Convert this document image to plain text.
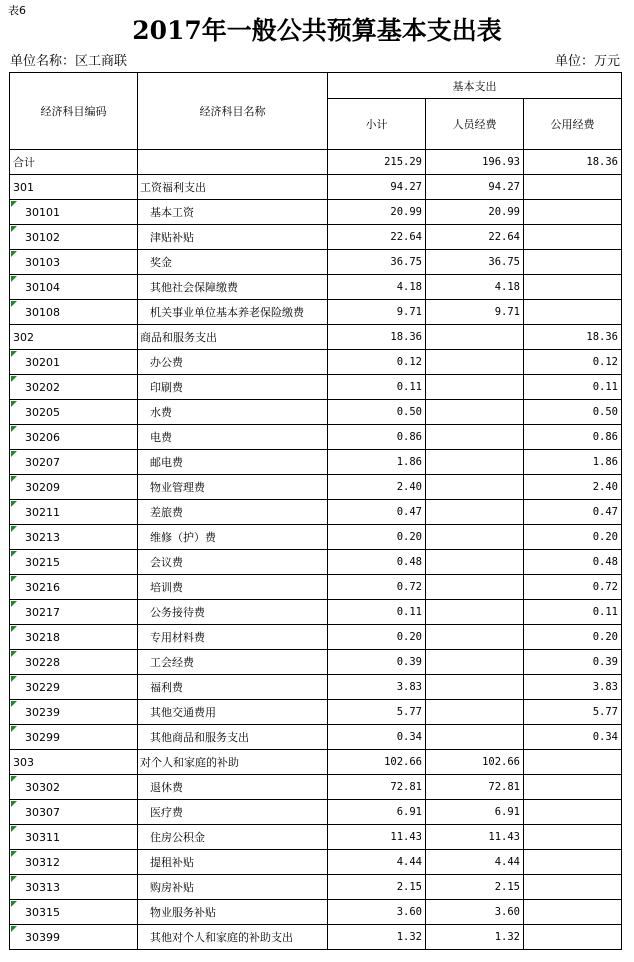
表6
2017年一般公共预算基本支出表
单位名称：区工商联	单位：万元
经济科目编码	经济科目名称	基本支出		
		小计	人员经费	公用经费
合计		215.29	196.93	18.36
301	工资福利支出	94.27	94.27	
30101	基本工资	20.99	20.99	
30102	津贴补贴	22.64	22.64	
30103	奖金	36.75	36.75	
30104	其他社会保障缴费	4.18	4.18	
30108	机关事业单位基本养老保险缴费	9.71	9.71	
302	商品和服务支出	18.36		18.36
30201	办公费	0.12		0.12
30202	印刷费	0.11		0.11
30205	水费	0.50		0.50
30206	电费	0.86		0.86
30207	邮电费	1.86		1.86
30209	物业管理费	2.40		2.40
30211	差旅费	0.47		0.47
30213	维修（护）费	0.20		0.20
30215	会议费	0.48		0.48
30216	培训费	0.72		0.72
30217	公务接待费	0.11		0.11
30218	专用材料费	0.20		0.20
30228	工会经费	0.39		0.39
30229	福利费	3.83		3.83
30239	其他交通费用	5.77		5.77
30299	其他商品和服务支出	0.34		0.34
303	对个人和家庭的补助	102.66	102.66	
30302	退休费	72.81	72.81	
30307	医疗费	6.91	6.91	
30311	住房公积金	11.43	11.43	
30312	提租补贴	4.44	4.44	
30313	购房补贴	2.15	2.15	
30315	物业服务补贴	3.60	3.60	
30399	其他对个人和家庭的补助支出	1.32	1.32	
